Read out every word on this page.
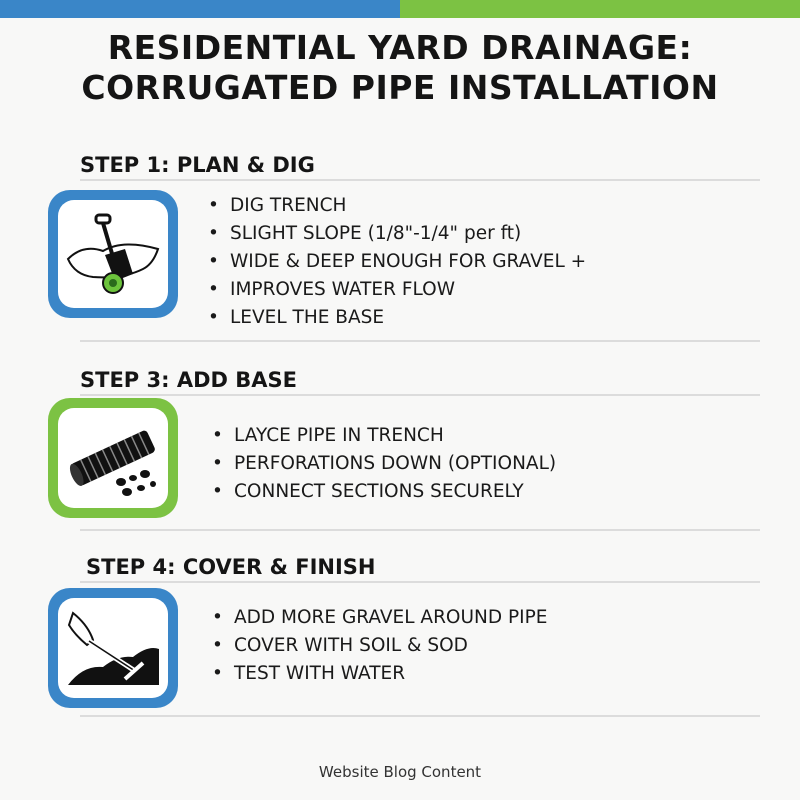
RESIDENTIAL YARD DRAINAGE:
CORRUGATED PIPE INSTALLATION
STEP 1: PLAN & DIG
• DIG TRENCH
• SLIGHT SLOPE (1/8"-1/4" per ft)
• WIDE & DEEP ENOUGH FOR GRAVEL +
• IMPROVES WATER FLOW
• LEVEL THE BASE
STEP 3: ADD BASE
• LAYCE PIPE IN TRENCH
• PERFORATIONS DOWN (OPTIONAL)
• CONNECT SECTIONS SECURELY
STEP 4: COVER & FINISH
• ADD MORE GRAVEL AROUND PIPE
• COVER WITH SOIL & SOD
• TEST WITH WATER
Website Blog Content
